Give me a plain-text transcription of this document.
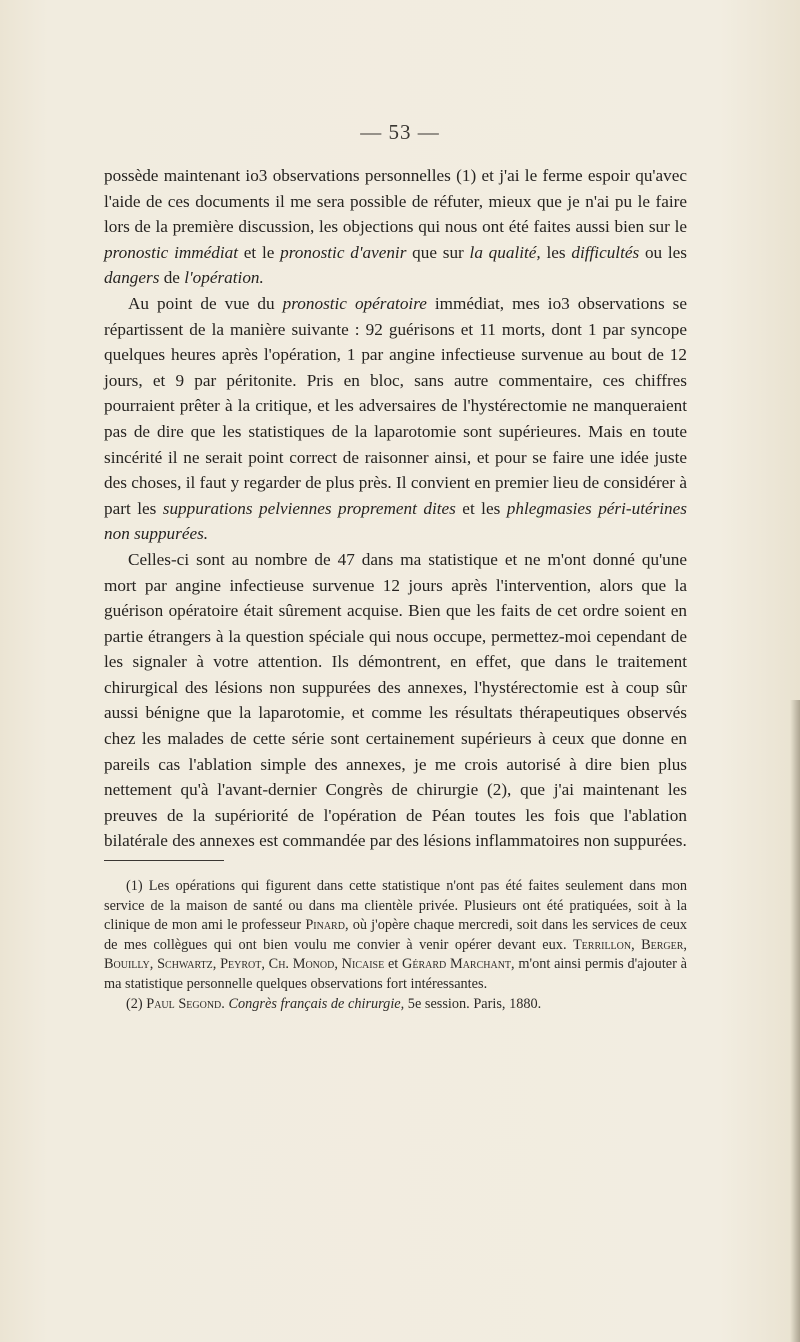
— 53 —

possède maintenant io3 observations personnelles (1) et j'ai le ferme espoir qu'avec l'aide de ces documents il me sera possible de réfuter, mieux que je n'ai pu le faire lors de la première discussion, les objections qui nous ont été faites aussi bien sur le pronostic immédiat et le pronostic d'avenir que sur la qualité, les difficultés ou les dangers de l'opération.

Au point de vue du pronostic opératoire immédiat, mes io3 observations se répartissent de la manière suivante : 92 guérisons et 11 morts, dont 1 par syncope quelques heures après l'opération, 1 par angine infectieuse survenue au bout de 12 jours, et 9 par péritonite. Pris en bloc, sans autre commentaire, ces chiffres pourraient prêter à la critique, et les adversaires de l'hystérectomie ne manqueraient pas de dire que les statistiques de la laparotomie sont supérieures. Mais en toute sincérité il ne serait point correct de raisonner ainsi, et pour se faire une idée juste des choses, il faut y regarder de plus près. Il convient en premier lieu de considérer à part les suppurations pelviennes proprement dites et les phlegmasies péri-utérines non suppurées.

Celles-ci sont au nombre de 47 dans ma statistique et ne m'ont donné qu'une mort par angine infectieuse survenue 12 jours après l'intervention, alors que la guérison opératoire était sûrement acquise. Bien que les faits de cet ordre soient en partie étrangers à la question spéciale qui nous occupe, permettez-moi cependant de les signaler à votre attention. Ils démontrent, en effet, que dans le traitement chirurgical des lésions non suppurées des annexes, l'hystérectomie est à coup sûr aussi bénigne que la laparotomie, et comme les résultats thérapeutiques observés chez les malades de cette série sont certainement supérieurs à ceux que donne en pareils cas l'ablation simple des annexes, je me crois autorisé à dire bien plus nettement qu'à l'avant-dernier Congrès de chirurgie (2), que j'ai maintenant les preuves de la supériorité de l'opération de Péan toutes les fois que l'ablation bilatérale des annexes est commandée par des lésions inflammatoires non suppurées.

(1) Les opérations qui figurent dans cette statistique n'ont pas été faites seulement dans mon service de la maison de santé ou dans ma clientèle privée. Plusieurs ont été pratiquées, soit à la clinique de mon ami le professeur Pinard, où j'opère chaque mercredi, soit dans les services de ceux de mes collègues qui ont bien voulu me convier à venir opérer devant eux. Terrillon, Berger, Bouilly, Schwartz, Peyrot, Ch. Monod, Nicaise et Gérard Marchant, m'ont ainsi permis d'ajouter à ma statistique personnelle quelques observations fort intéressantes.

(2) Paul Segond. Congrès français de chirurgie, 5e session. Paris, 1880.
